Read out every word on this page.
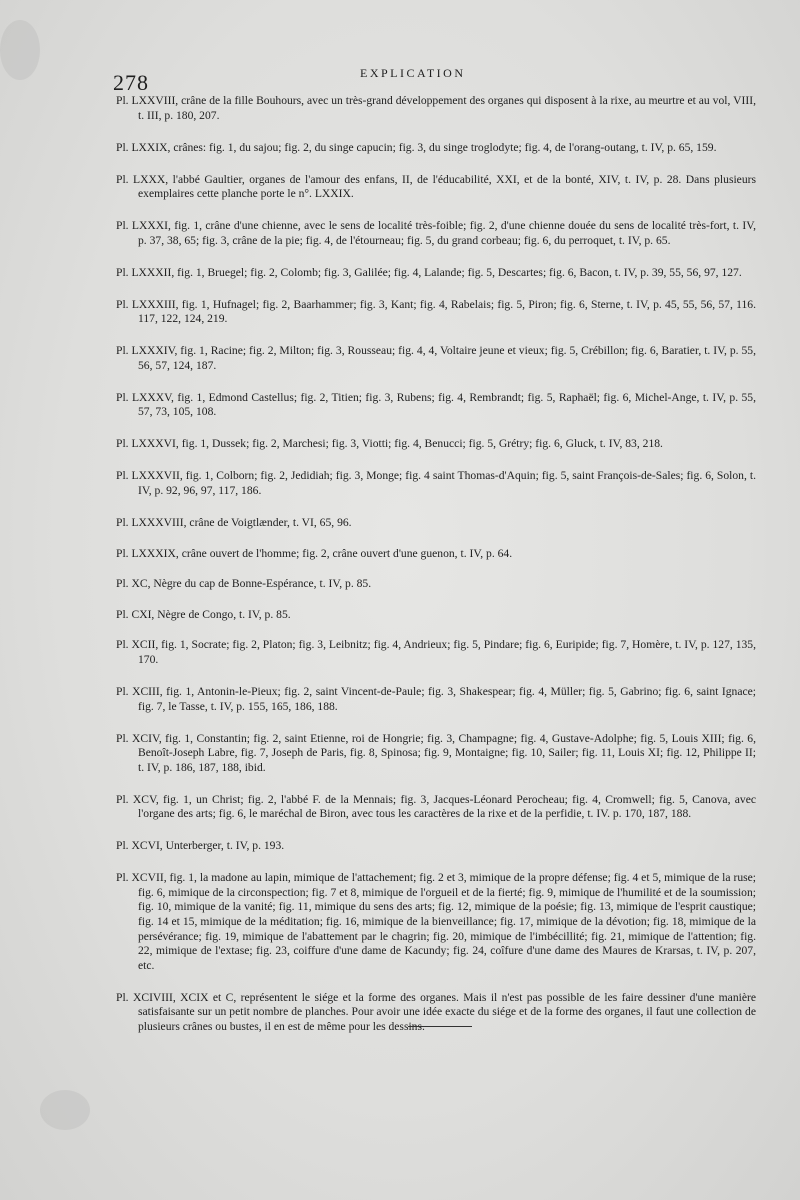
278	EXPLICATION

Pl. LXXVIII, crâne de la fille Bouhours, avec un très-grand développement des organes qui disposent à la rixe, au meurtre et au vol, VIII, t. III, p. 180, 207.

Pl. LXXIX, crânes: fig. 1, du sajou; fig. 2, du singe capucin; fig. 3, du singe troglodyte; fig. 4, de l'orang-outang, t. IV, p. 65, 159.

Pl. LXXX, l'abbé Gaultier, organes de l'amour des enfans, II, de l'éducabilité, XXI, et de la bonté, XIV, t. IV, p. 28. Dans plusieurs exemplaires cette planche porte le n°. LXXIX.

Pl. LXXXI, fig. 1, crâne d'une chienne, avec le sens de localité très-foible; fig. 2, d'une chienne douée du sens de localité très-fort, t. IV, p. 37, 38, 65; fig. 3, crâne de la pie; fig. 4, de l'étourneau; fig. 5, du grand corbeau; fig. 6, du perroquet, t. IV, p. 65.

Pl. LXXXII, fig. 1, Bruegel; fig. 2, Colomb; fig. 3, Galilée; fig. 4, Lalande; fig. 5, Descartes; fig. 6, Bacon, t. IV, p. 39, 55, 56, 97, 127.

Pl. LXXXIII, fig. 1, Hufnagel; fig. 2, Baarhammer; fig. 3, Kant; fig. 4, Rabelais; fig. 5, Piron; fig. 6, Sterne, t. IV, p. 45, 55, 56, 57, 116. 117, 122, 124, 219.

Pl. LXXXIV, fig. 1, Racine; fig. 2, Milton; fig. 3, Rousseau; fig. 4, 4, Voltaire jeune et vieux; fig. 5, Crébillon; fig. 6, Baratier, t. IV, p. 55, 56, 57, 124, 187.

Pl. LXXXV, fig. 1, Edmond Castellus; fig. 2, Titien; fig. 3, Rubens; fig. 4, Rembrandt; fig. 5, Raphaël; fig. 6, Michel-Ange, t. IV, p. 55, 57, 73, 105, 108.

Pl. LXXXVI, fig. 1, Dussek; fig. 2, Marchesi; fig. 3, Viotti; fig. 4, Benucci; fig. 5, Grétry; fig. 6, Gluck, t. IV, 83, 218.

Pl. LXXXVII, fig. 1, Colborn; fig. 2, Jedidiah; fig. 3, Monge; fig. 4 saint Thomas-d'Aquin; fig. 5, saint François-de-Sales; fig. 6, Solon, t. IV, p. 92, 96, 97, 117, 186.

Pl. LXXXVIII, crâne de Voigtlænder, t. VI, 65, 96.

Pl. LXXXIX, crâne ouvert de l'homme; fig. 2, crâne ouvert d'une guenon, t. IV, p. 64.

Pl. XC, Nègre du cap de Bonne-Espérance, t. IV, p. 85.

Pl. CXI, Nègre de Congo, t. IV, p. 85.

Pl. XCII, fig. 1, Socrate; fig. 2, Platon; fig. 3, Leibnitz; fig. 4, Andrieux; fig. 5, Pindare; fig. 6, Euripide; fig. 7, Homère, t. IV, p. 127, 135, 170.

Pl. XCIII, fig. 1, Antonin-le-Pieux; fig. 2, saint Vincent-de-Paule; fig. 3, Shakespear; fig. 4, Müller; fig. 5, Gabrino; fig. 6, saint Ignace; fig. 7, le Tasse, t. IV, p. 155, 165, 186, 188.

Pl. XCIV, fig. 1, Constantin; fig. 2, saint Etienne, roi de Hongrie; fig. 3, Champagne; fig. 4, Gustave-Adolphe; fig. 5, Louis XIII; fig. 6, Benoît-Joseph Labre, fig. 7, Joseph de Paris, fig. 8, Spinosa; fig. 9, Montaigne; fig. 10, Sailer; fig. 11, Louis XI; fig. 12, Philippe II; t. IV, p. 186, 187, 188, ibid.

Pl. XCV, fig. 1, un Christ; fig. 2, l'abbé F. de la Mennais; fig. 3, Jacques-Léonard Perocheau; fig. 4, Cromwell; fig. 5, Canova, avec l'organe des arts; fig. 6, le maréchal de Biron, avec tous les caractères de la rixe et de la perfidie, t. IV. p. 170, 187, 188.

Pl. XCVI, Unterberger, t. IV, p. 193.

Pl. XCVII, fig. 1, la madone au lapin, mimique de l'attachement; fig. 2 et 3, mimique de la propre défense; fig. 4 et 5, mimique de la ruse; fig. 6, mimique de la circonspection; fig. 7 et 8, mimique de l'orgueil et de la fierté; fig. 9, mimique de l'humilité et de la soumission; fig. 10, mimique de la vanité; fig. 11, mimique du sens des arts; fig. 12, mimique de la poésie; fig. 13, mimique de l'esprit caustique; fig. 14 et 15, mimique de la méditation; fig. 16, mimique de la bienveillance; fig. 17, mimique de la dévotion; fig. 18, mimique de la persévérance; fig. 19, mimique de l'abattement par le chagrin; fig. 20, mimique de l'imbécillité; fig. 21, mimique de l'attention; fig. 22, mimique de l'extase; fig. 23, coiffure d'une dame de Kacundy; fig. 24, coîfure d'une dame des Maures de Krarsas, t. IV, p. 207, etc.

Pl. XCIVIII, XCIX et C, représentent le siége et la forme des organes. Mais il n'est pas possible de les faire dessiner d'une manière satisfaisante sur un petit nombre de planches. Pour avoir une idée exacte du siége et de la forme des organes, il faut une collection de plusieurs crânes ou bustes, il en est de même pour les dessins.
